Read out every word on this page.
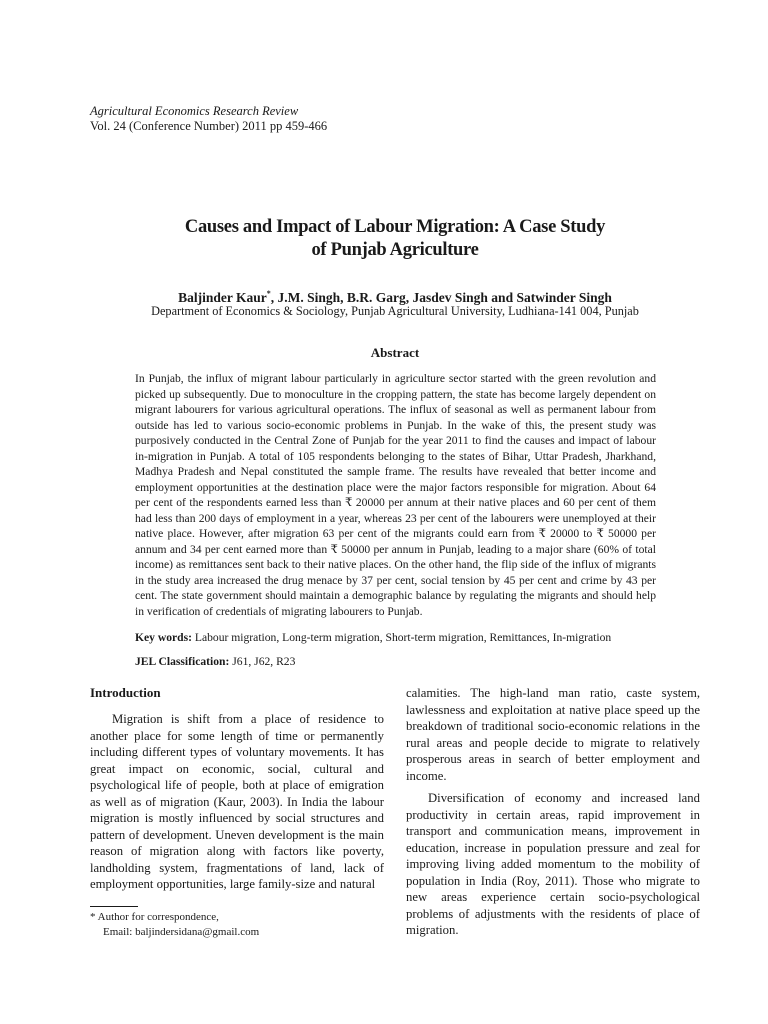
Agricultural Economics Research Review
Vol. 24 (Conference Number) 2011 pp 459-466
Causes and Impact of Labour Migration: A Case Study
of Punjab Agriculture
Baljinder Kaur*, J.M. Singh, B.R. Garg, Jasdev Singh and Satwinder Singh
Department of Economics & Sociology, Punjab Agricultural University, Ludhiana-141 004, Punjab
Abstract

In Punjab, the influx of migrant labour particularly in agriculture sector started with the green revolution and picked up subsequently. Due to monoculture in the cropping pattern, the state has become largely dependent on migrant labourers for various agricultural operations. The influx of seasonal as well as permanent labour from outside has led to various socio-economic problems in Punjab. In the wake of this, the present study was purposively conducted in the Central Zone of Punjab for the year 2011 to find the causes and impact of labour in-migration in Punjab. A total of 105 respondents belonging to the states of Bihar, Uttar Pradesh, Jharkhand, Madhya Pradesh and Nepal constituted the sample frame. The results have revealed that better income and employment opportunities at the destination place were the major factors responsible for migration. About 64 per cent of the respondents earned less than ₹ 20000 per annum at their native places and 60 per cent of them had less than 200 days of employment in a year, whereas 23 per cent of the labourers were unemployed at their native place. However, after migration 63 per cent of the migrants could earn from ₹ 20000 to ₹ 50000 per annum and 34 per cent earned more than ₹ 50000 per annum in Punjab, leading to a major share (60% of total income) as remittances sent back to their native places. On the other hand, the flip side of the influx of migrants in the study area increased the drug menace by 37 per cent, social tension by 45 per cent and crime by 43 per cent. The state government should maintain a demographic balance by regulating the migrants and should help in verification of credentials of migrating labourers to Punjab.

Key words: Labour migration, Long-term migration, Short-term migration, Remittances, In-migration
JEL Classification: J61, J62, R23

Introduction

Migration is shift from a place of residence to another place for some length of time or permanently including different types of voluntary movements. It has great impact on economic, social, cultural and psychological life of people, both at place of emigration as well as of migration (Kaur, 2003). In India the labour migration is mostly influenced by social structures and pattern of development. Uneven development is the main reason of migration along with factors like poverty, landholding system, fragmentations of land, lack of employment opportunities, large family-size and natural

calamities. The high-land man ratio, caste system, lawlessness and exploitation at native place speed up the breakdown of traditional socio-economic relations in the rural areas and people decide to migrate to relatively prosperous areas in search of better employment and income.

Diversification of economy and increased land productivity in certain areas, rapid improvement in transport and communication means, improvement in education, increase in population pressure and zeal for improving living added momentum to the mobility of population in India (Roy, 2011). Those who migrate to new areas experience certain socio-psychological problems of adjustments with the residents of place of migration.

* Author for correspondence,
Email: baljindersidana@gmail.com
